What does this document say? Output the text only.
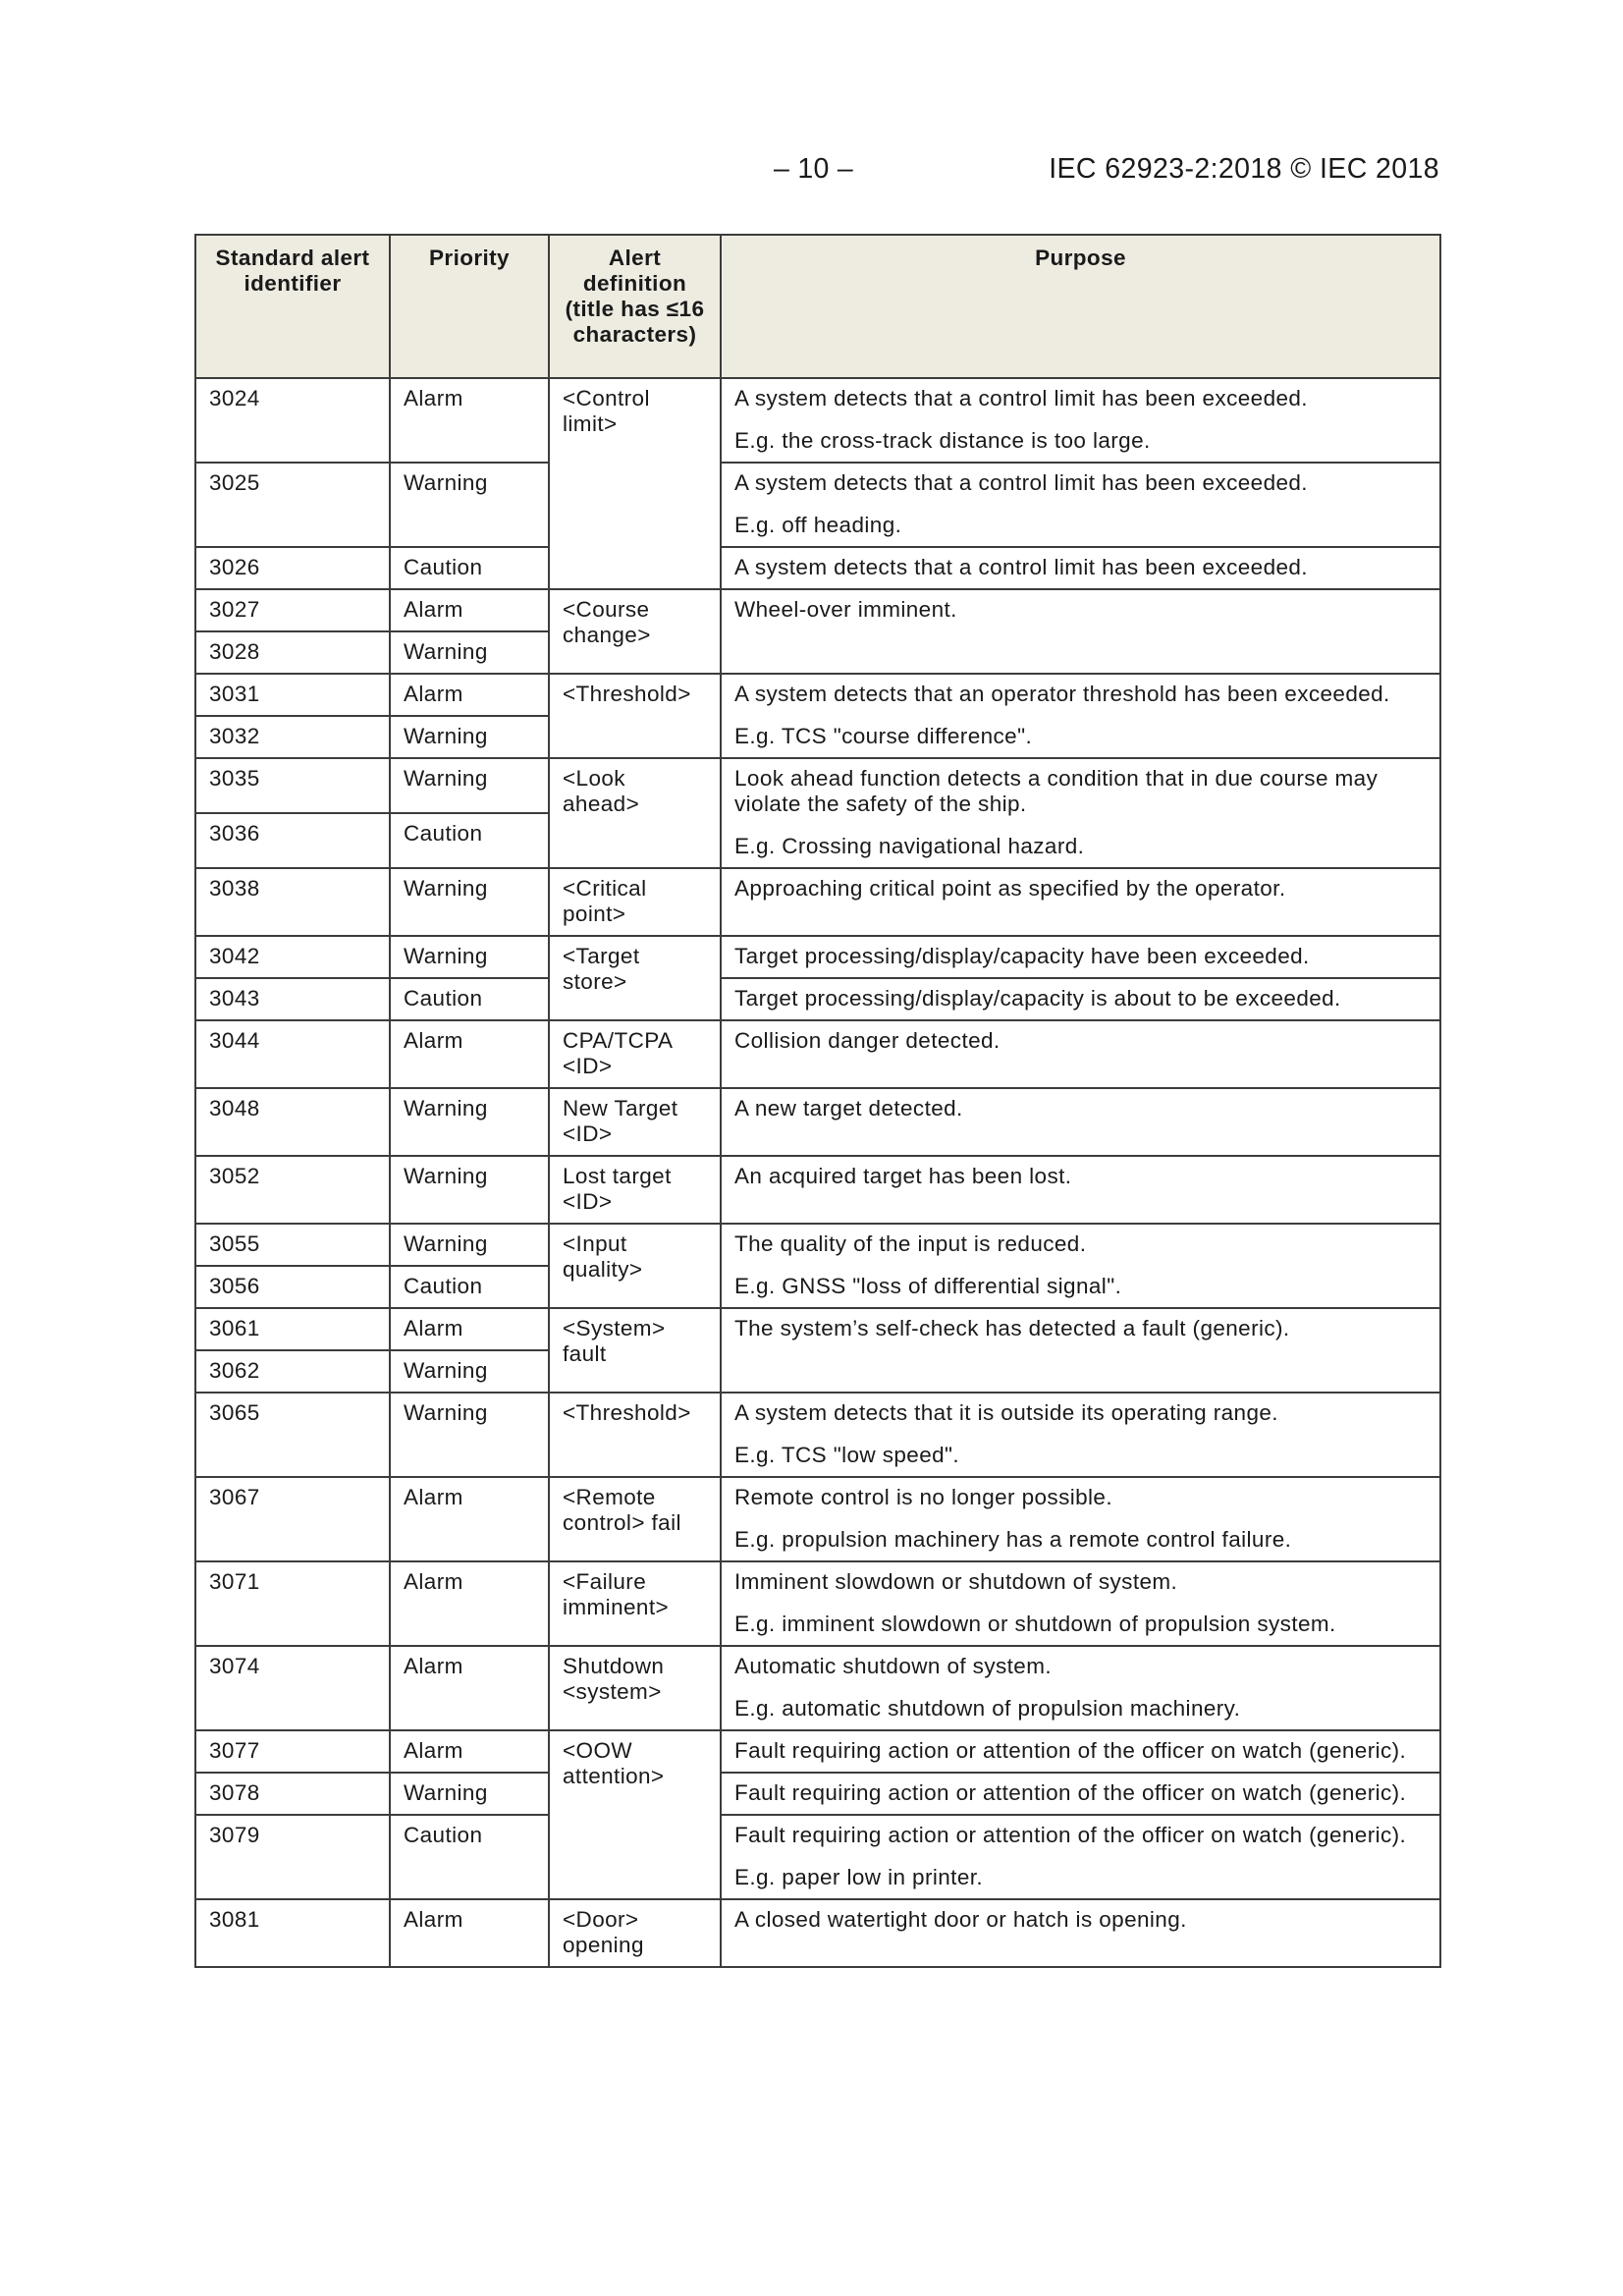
– 10 –	IEC 62923-2:2018 © IEC 2018
Standard alert identifier	Priority	Alert definition (title has ≤16 characters)	Purpose
3024	Alarm	<Control limit>	A system detects that a control limit has been exceeded.

E.g. the cross-track distance is too large.

3025	Warning		A system detects that a control limit has been exceeded.

E.g. off heading.

3026	Caution		A system detects that a control limit has been exceeded.

3027	Alarm	<Course change>	Wheel-over imminent.

3028	Warning		
3031	Alarm	<Threshold>	A system detects that an operator threshold has been exceeded.

E.g. TCS "course difference".

3032	Warning		
3035	Warning	<Look ahead>	Look ahead function detects a condition that in due course may violate the safety of the ship.

E.g. Crossing navigational hazard.

3036	Caution		
3038	Warning	<Critical point>	Approaching critical point as specified by the operator.

3042	Warning	<Target store>	Target processing/display/capacity have been exceeded.

3043	Caution		Target processing/display/capacity is about to be exceeded.

3044	Alarm	CPA/TCPA <ID>	Collision danger detected.

3048	Warning	New Target <ID>	A new target detected.

3052	Warning	Lost target <ID>	An acquired target has been lost.

3055	Warning	<Input quality>	The quality of the input is reduced.

E.g. GNSS "loss of differential signal".

3056	Caution		
3061	Alarm	<System> fault	The system’s self-check has detected a fault (generic).

3062	Warning		
3065	Warning	<Threshold>	A system detects that it is outside its operating range.

E.g. TCS "low speed".

3067	Alarm	<Remote control> fail	Remote control is no longer possible.

E.g. propulsion machinery has a remote control failure.

3071	Alarm	<Failure imminent>	Imminent slowdown or shutdown of system.

E.g. imminent slowdown or shutdown of propulsion system.

3074	Alarm	Shutdown <system>	Automatic shutdown of system.

E.g. automatic shutdown of propulsion machinery.

3077	Alarm	<OOW attention>	Fault requiring action or attention of the officer on watch (generic).

3078	Warning		Fault requiring action or attention of the officer on watch (generic).

3079	Caution		Fault requiring action or attention of the officer on watch (generic).

E.g. paper low in printer.

3081	Alarm	<Door> opening	A closed watertight door or hatch is opening.
